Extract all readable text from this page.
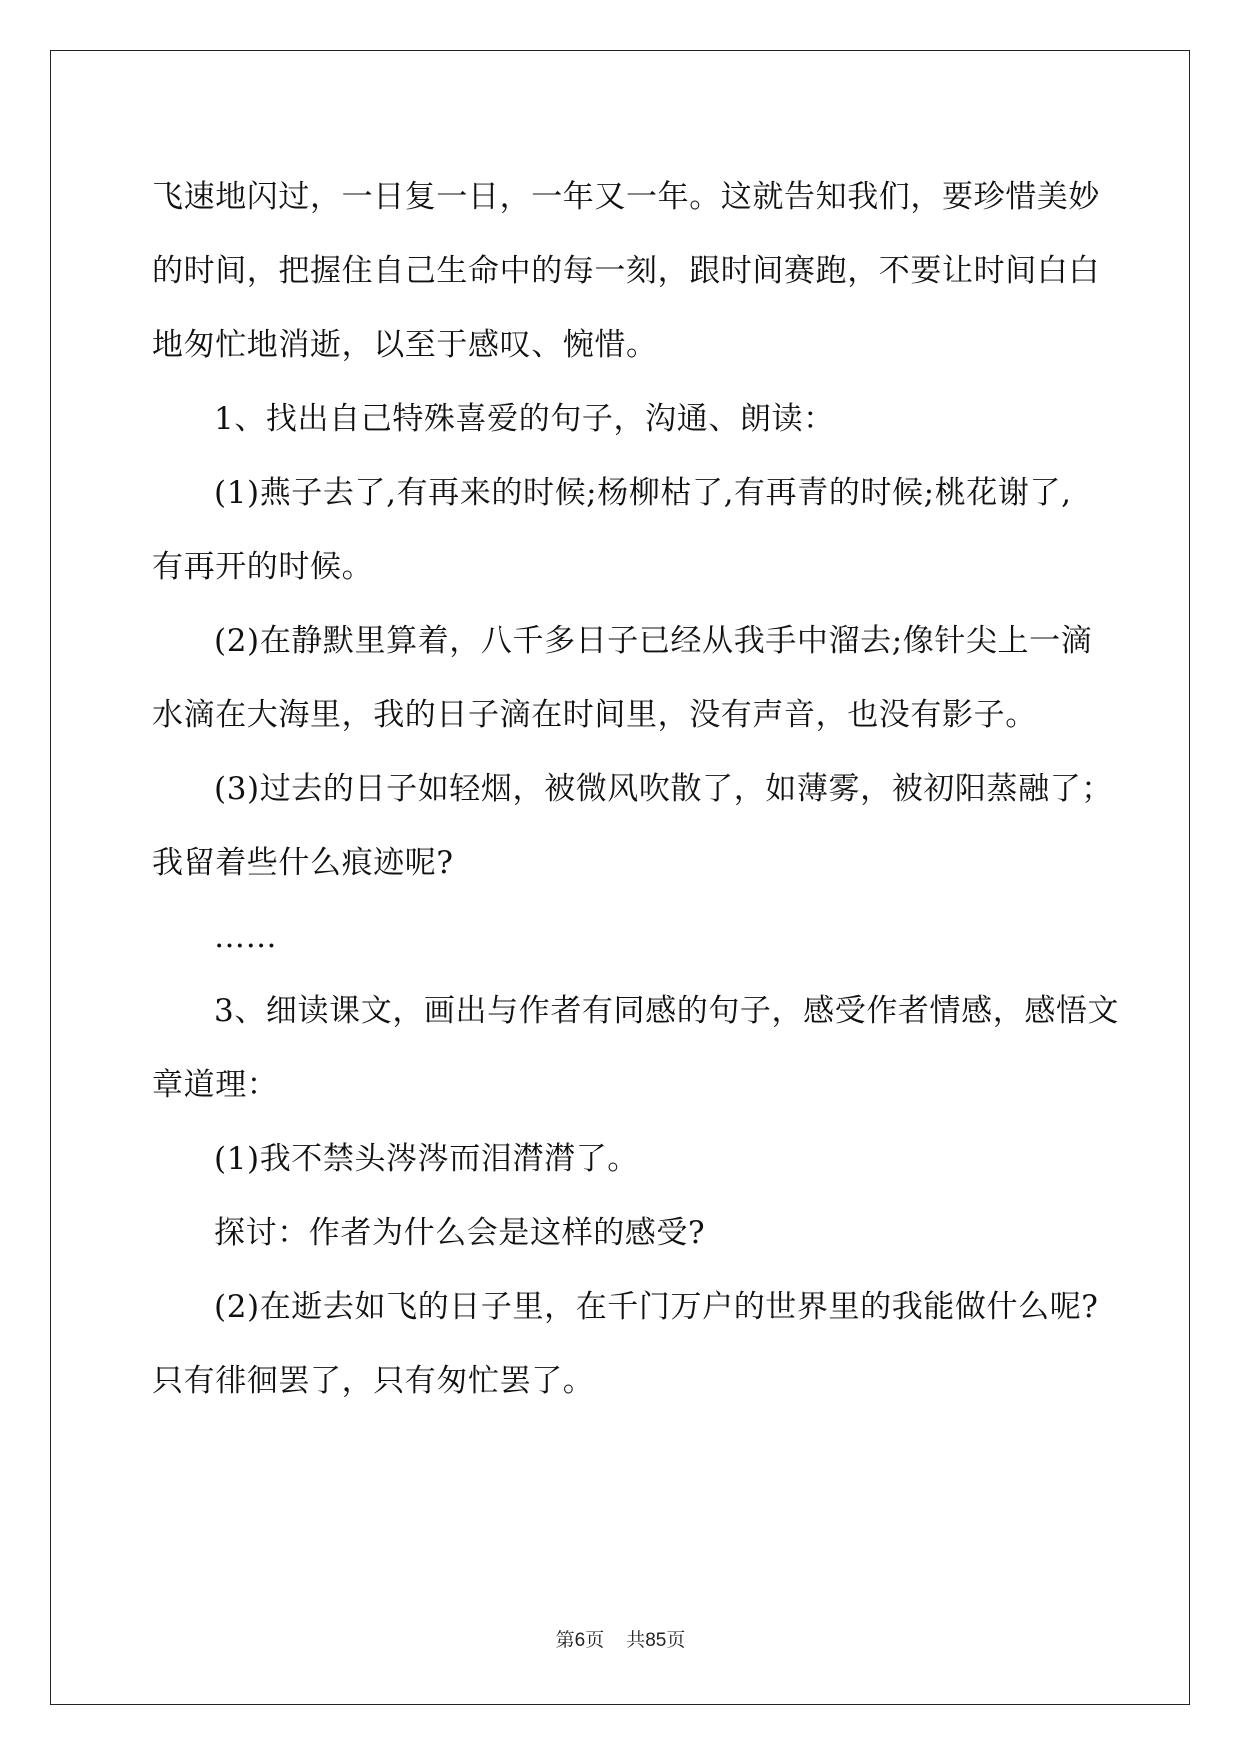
飞速地闪过，一日复一日，一年又一年。这就告知我们，要珍惜美妙

的时间，把握住自己生命中的每一刻，跟时间赛跑，不要让时间白白

地匆忙地消逝，以至于感叹、惋惜。

1、找出自己特殊喜爱的句子，沟通、朗读：

(1)燕子去了,有再来的时候;杨柳枯了,有再青的时候;桃花谢了,

有再开的时候。

(2)在静默里算着，八千多日子已经从我手中溜去;像针尖上一滴

水滴在大海里，我的日子滴在时间里，没有声音，也没有影子。

(3)过去的日子如轻烟，被微风吹散了，如薄雾，被初阳蒸融了；

我留着些什么痕迹呢?

……

3、细读课文，画出与作者有同感的句子，感受作者情感，感悟文

章道理：

(1)我不禁头涔涔而泪潸潸了。

探讨：作者为什么会是这样的感受?

(2)在逝去如飞的日子里，在千门万户的世界里的我能做什么呢?

只有徘徊罢了，只有匆忙罢了。

第6页 共85页
